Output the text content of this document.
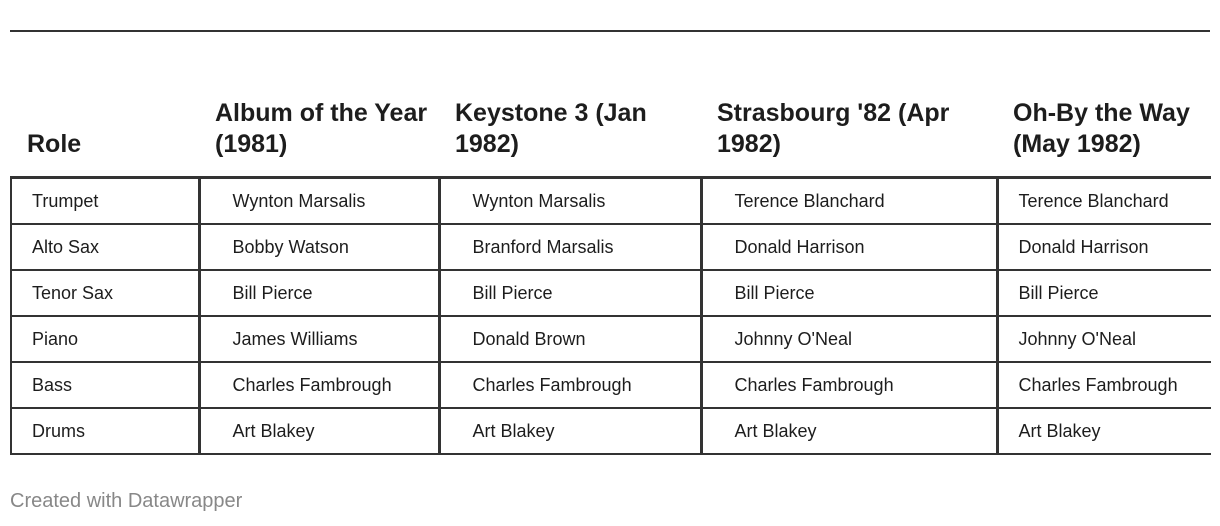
Role	Album of the Year (1981)	Keystone 3 (Jan 1982)	Strasbourg '82 (Apr 1982)	Oh-By the Way (May 1982)
Trumpet	Wynton Marsalis	Wynton Marsalis	Terence Blanchard	Terence Blanchard
Alto Sax	Bobby Watson	Branford Marsalis	Donald Harrison	Donald Harrison
Tenor Sax	Bill Pierce	Bill Pierce	Bill Pierce	Bill Pierce
Piano	James Williams	Donald Brown	Johnny O'Neal	Johnny O'Neal
Bass	Charles Fambrough	Charles Fambrough	Charles Fambrough	Charles Fambrough
Drums	Art Blakey	Art Blakey	Art Blakey	Art Blakey
Created with Datawrapper
